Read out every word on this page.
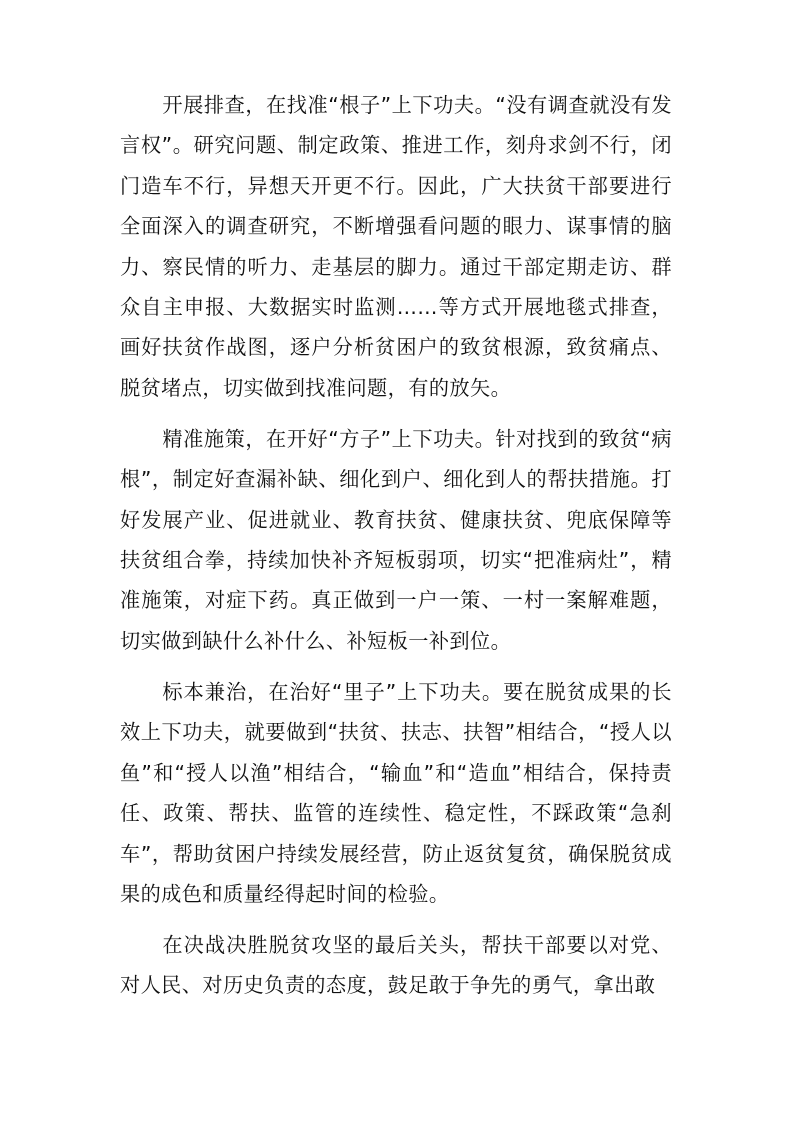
开展排查，在找准“根子”上下功夫。“没有调查就没有发言权”。研究问题、制定政策、推进工作，刻舟求剑不行，闭门造车不行，异想天开更不行。因此，广大扶贫干部要进行全面深入的调查研究，不断增强看问题的眼力、谋事情的脑力、察民情的听力、走基层的脚力。通过干部定期走访、群众自主申报、大数据实时监测……等方式开展地毯式排查，画好扶贫作战图，逐户分析贫困户的致贫根源，致贫痛点、脱贫堵点，切实做到找准问题，有的放矢。

精准施策，在开好“方子”上下功夫。针对找到的致贫“病根”，制定好查漏补缺、细化到户、细化到人的帮扶措施。打好发展产业、促进就业、教育扶贫、健康扶贫、兜底保障等扶贫组合拳，持续加快补齐短板弱项，切实“把准病灶”，精准施策，对症下药。真正做到一户一策、一村一案解难题，切实做到缺什么补什么、补短板一补到位。

标本兼治，在治好“里子”上下功夫。要在脱贫成果的长效上下功夫，就要做到“扶贫、扶志、扶智”相结合，“授人以鱼”和“授人以渔”相结合，“输血”和“造血”相结合，保持责任、政策、帮扶、监管的连续性、稳定性，不踩政策“急刹车”，帮助贫困户持续发展经营，防止返贫复贫，确保脱贫成果的成色和质量经得起时间的检验。

在决战决胜脱贫攻坚的最后关头，帮扶干部要以对党、对人民、对历史负责的态度，鼓足敢于争先的勇气，拿出敢
